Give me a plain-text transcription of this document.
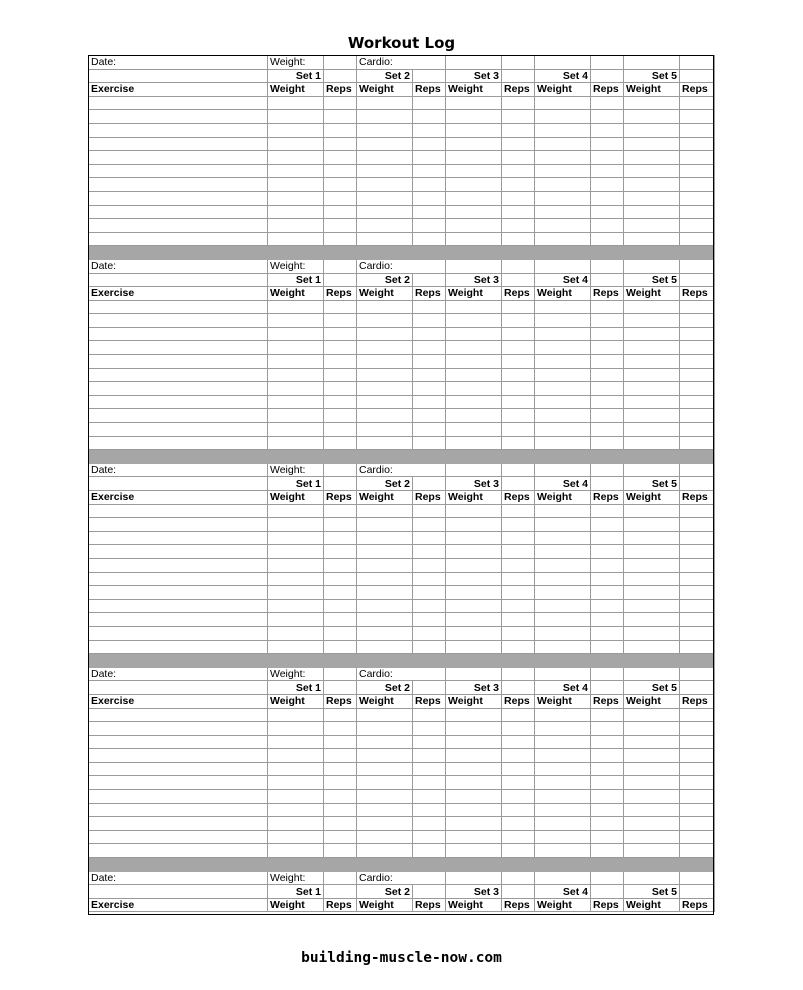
Workout Log
Date:	Weight:		Cardio:							
	Set 1		Set 2		Set 3		Set 4		Set 5	
Exercise	Weight	Reps	Weight	Reps	Weight	Reps	Weight	Reps	Weight	Reps

Date:	Weight:		Cardio:							
	Set 1		Set 2		Set 3		Set 4		Set 5	
Exercise	Weight	Reps	Weight	Reps	Weight	Reps	Weight	Reps	Weight	Reps

Date:	Weight:		Cardio:							
	Set 1		Set 2		Set 3		Set 4		Set 5	
Exercise	Weight	Reps	Weight	Reps	Weight	Reps	Weight	Reps	Weight	Reps

Date:	Weight:		Cardio:							
	Set 1		Set 2		Set 3		Set 4		Set 5	
Exercise	Weight	Reps	Weight	Reps	Weight	Reps	Weight	Reps	Weight	Reps

Date:	Weight:		Cardio:							
	Set 1		Set 2		Set 3		Set 4		Set 5	
Exercise	Weight	Reps	Weight	Reps	Weight	Reps	Weight	Reps	Weight	Reps
building-muscle-now.com
